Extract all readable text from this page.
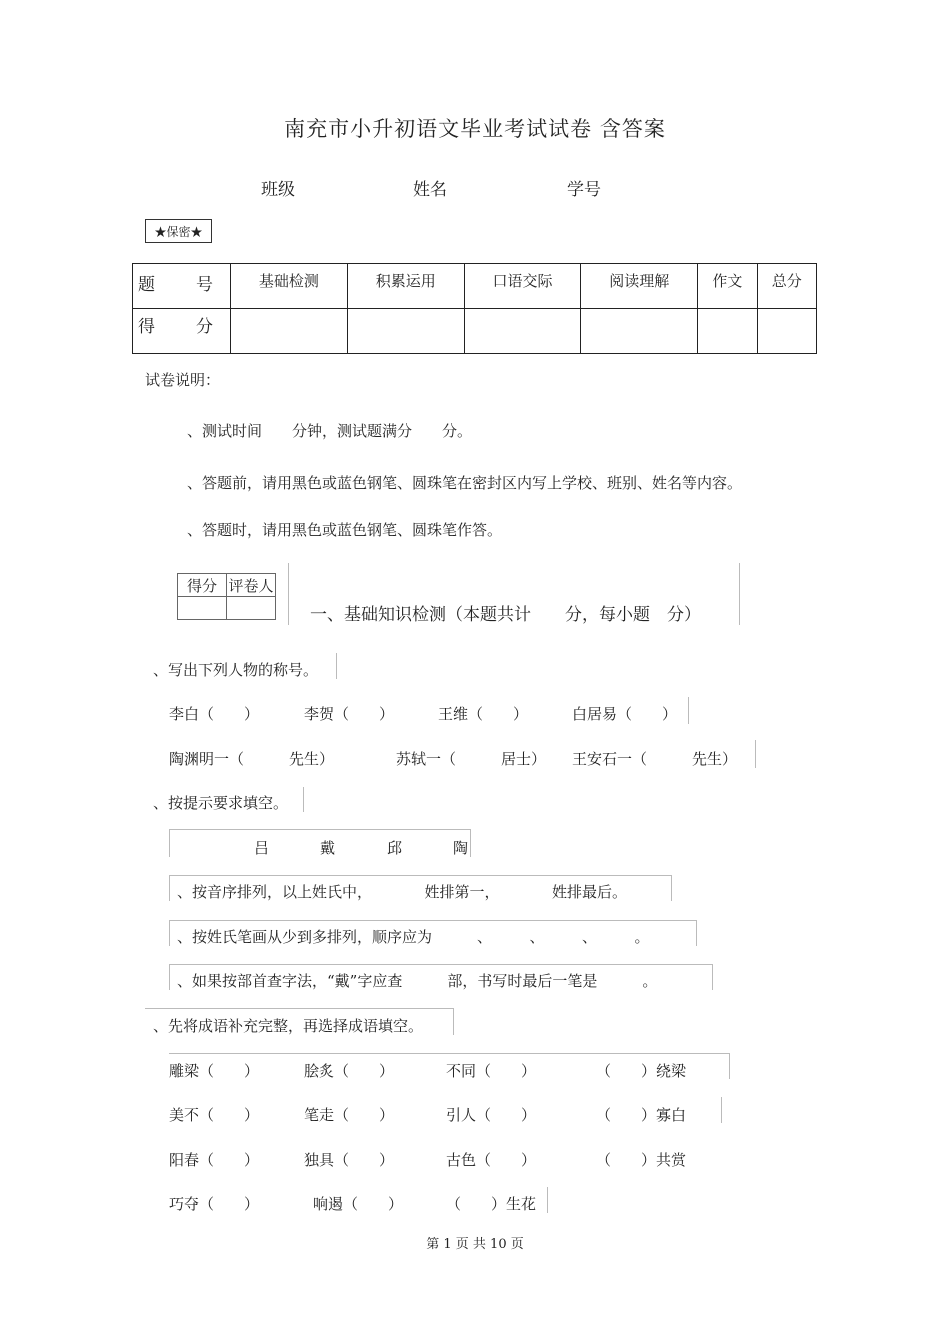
南充市小升初语文毕业考试试卷 含答案
班级	姓名	学号
★保密★
题　号	基础检测	积累运用	口语交际	阅读理解	作文	总分
得　分						
试卷说明：
、测试时间　　分钟，测试题满分　　分。
、答题前，请用黑色或蓝色钢笔、圆珠笔在密封区内写上学校、班别、姓名等内容。
、答题时，请用黑色或蓝色钢笔、圆珠笔作答。
得分	评卷人

一、基础知识检测（本题共计　　分，每小题　分）
、写出下列人物的称号。
李白（　　）	李贺（　　）	王维（　　）	白居易（　　）
陶渊明一（　　　先生）	苏轼一（　　　居士） 王安石一（　　　先生）
、按提示要求填空。
吕	戴	邱	陶
、按音序排列，以上姓氏中，　　　　姓排第一，　　　　姓排最后。
、按姓氏笔画从少到多排列，顺序应为　　　、　　　、　　　、　　　。
、如果按部首查字法，“戴”字应查　　　部，书写时最后一笔是　　　。
、先将成语补充完整，再选择成语填空。
雕梁（　　）	脍炙（　　）	不同（　　）	（　　）绕梁
美不（　　）	笔走（　　）	引人（　　）	（　　）寡白
阳春（　　）	独具（　　）	古色（　　）	（　　）共赏
巧夺（　　）	响遏（　　）	（　　）生花
第 1 页 共 10 页
